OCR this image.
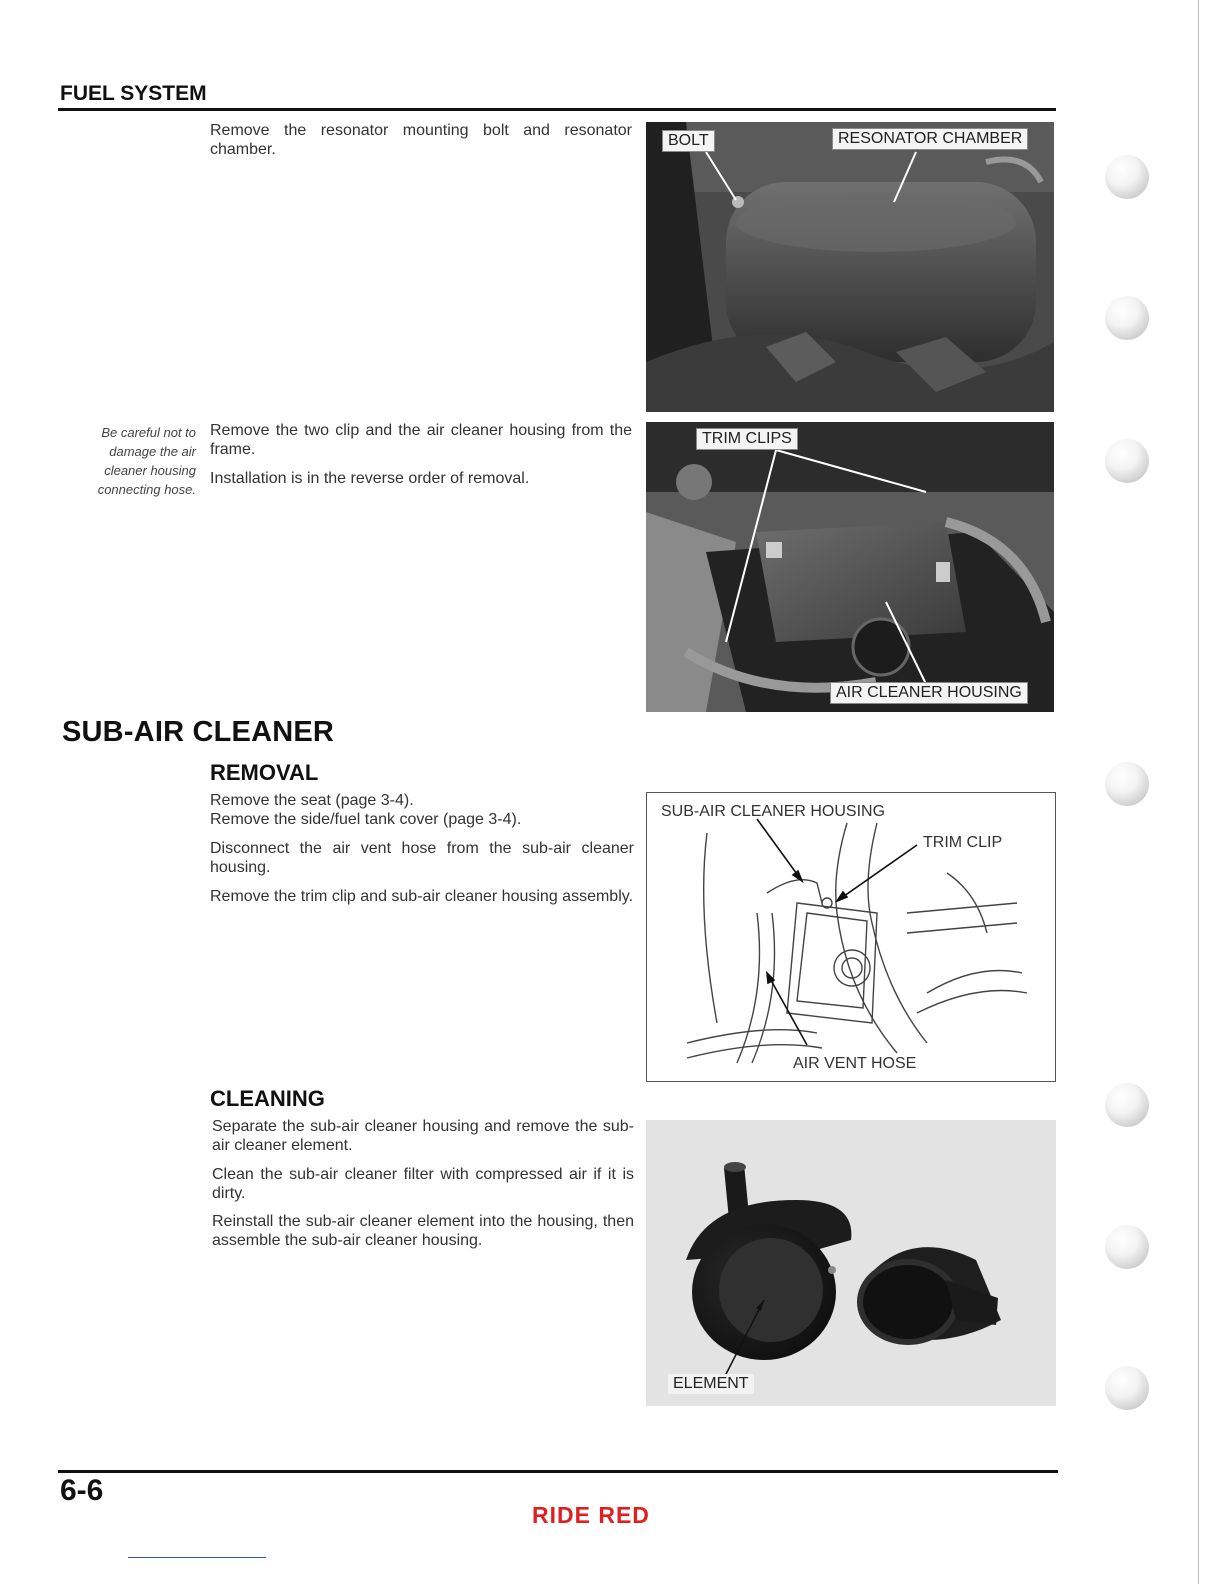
FUEL SYSTEM
Remove the resonator mounting bolt and resonator chamber.
BOLT	RESONATOR CHAMBER
Be careful not to damage the air cleaner housing connecting hose.
Remove the two clip and the air cleaner housing from the frame.
Installation is in the reverse order of removal.
TRIM CLIPS
AIR CLEANER HOUSING
SUB-AIR CLEANER
REMOVAL
Remove the seat (page 3-4).
Remove the side/fuel tank cover (page 3-4).
Disconnect the air vent hose from the sub-air cleaner housing.
Remove the trim clip and sub-air cleaner housing assembly.
SUB-AIR CLEANER HOUSING
TRIM CLIP
AIR VENT HOSE
CLEANING
Separate the sub-air cleaner housing and remove the sub-air cleaner element.
Clean the sub-air cleaner filter with compressed air if it is dirty.
Reinstall the sub-air cleaner element into the housing, then assemble the sub-air cleaner housing.
ELEMENT
6-6
RIDE RED
